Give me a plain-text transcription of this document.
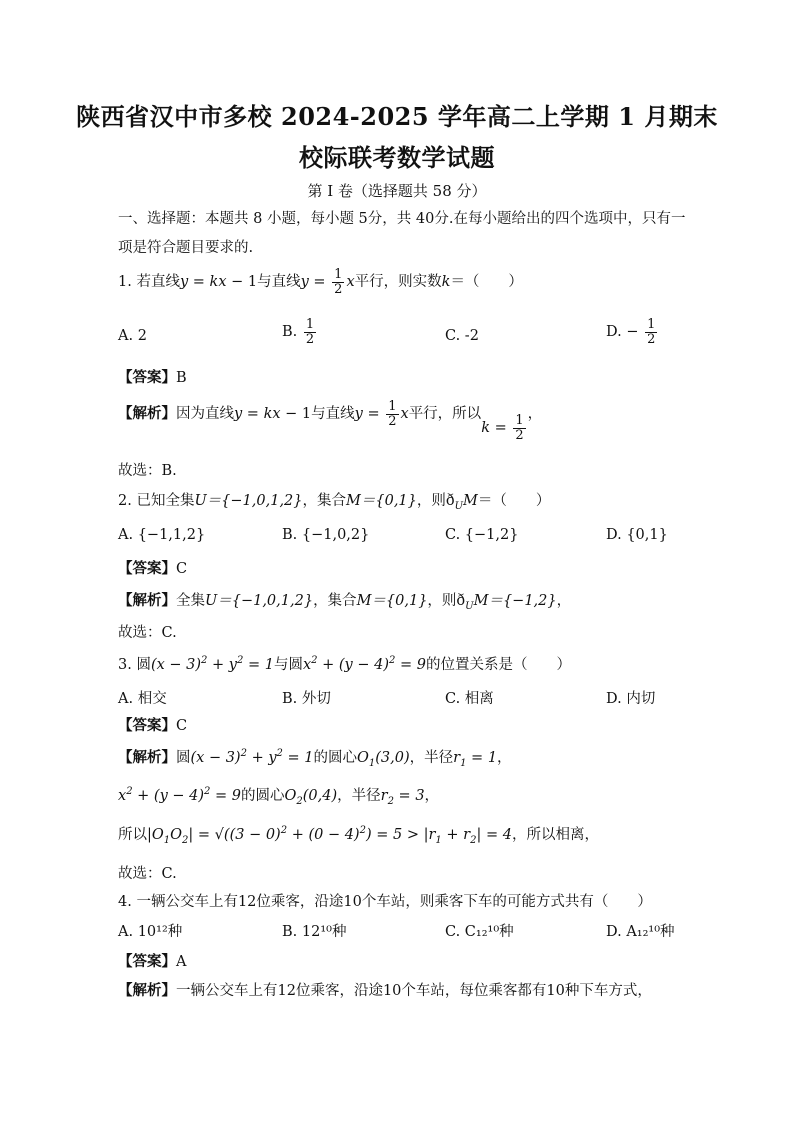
陕西省汉中市多校 2024-2025 学年高二上学期 1 月期末
校际联考数学试题
第 I 卷（选择题共 58 分）
一、选择题：本题共 8 小题，每小题 5分，共 40分.在每小题给出的四个选项中，只有一
项是符合题目要求的.
1. 若直线y = kx − 1与直线$y = \frac{1}{2}$ x平行，则实数k＝（　　）
A. 2	B. $\frac{1}{2}$	C. -2	D. − $\frac{1}{2}$
【答案】B
【解析】因为直线y = kx − 1与直线$y = \frac{1}{2}$ x平行，所以$k = \frac{1}{2}$ ，
故选：B.
2. 已知全集U＝{−1,0,1,2}，集合M＝{0,1}，则$ð_UM=$（　　）
A. {−1,1,2}	B. {−1,0,2}	C. {−1,2}	D. {0,1}
【答案】C
【解析】全集U＝{−1,0,1,2}，集合M＝{0,1}，则$ð_UM=\{-1,2\}$，
故选：C.
3. 圆$(x - 3)^2 + y^2 = 1$与圆$x^2 + (y - 4)^2 = 9$的位置关系是（　　）
A. 相交	B. 外切	C. 相离	D. 内切
【答案】C
【解析】圆$(x - 3)^2 + y^2 = 1$的圆心$O_1(3,0)$，半径$r_1 = 1$，
$x^2 + (y - 4)^2 = 9$的圆心$O_2(0,4)$，半径$r_2 = 3$，
所以$|O_1O_2| = √((3 - 0)^2 + (0 - 4)^2) = 5 > |r_1 + r_2| = 4$，所以相离，
故选：C.
4. 一辆公交车上有12位乘客，沿途10个车站，则乘客下车的可能方式共有（　　）
A. 10¹²种	B. 12¹⁰种	C. C₁₂¹⁰种	D. A₁₂¹⁰种
【答案】A
【解析】一辆公交车上有12位乘客，沿途10个车站，每位乘客都有10种下车方式，
